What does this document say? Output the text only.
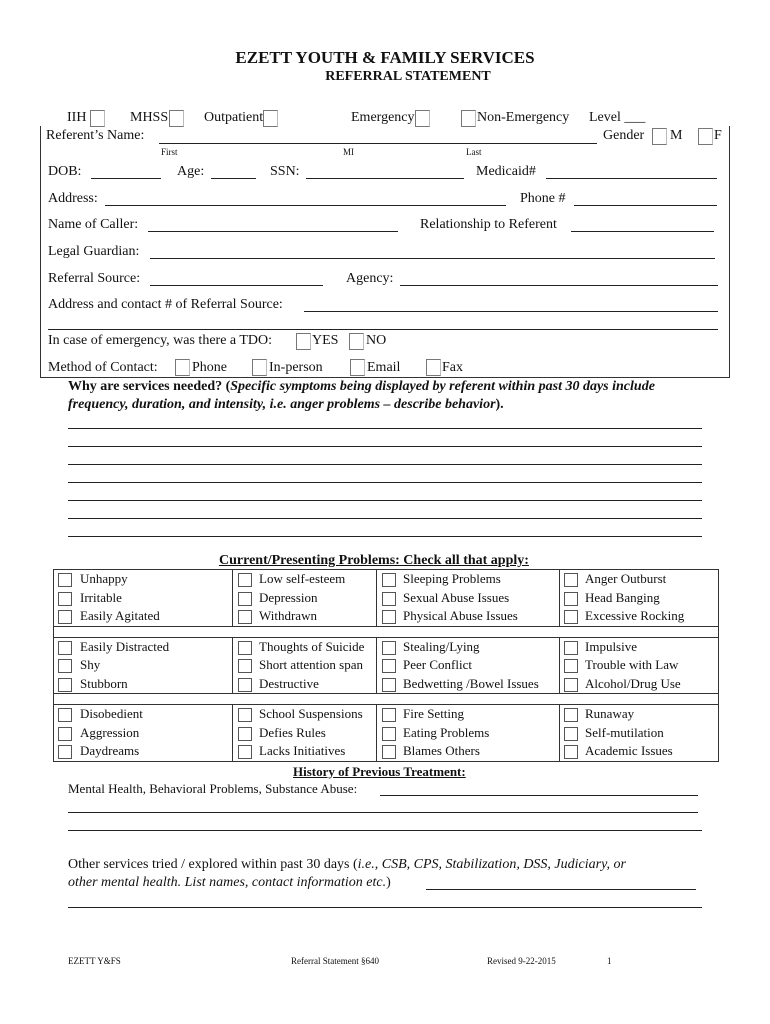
EZETT YOUTH & FAMILY SERVICES
REFERRAL STATEMENT
IIH	MHSS	Outpatient	Emergency	Non-Emergency Level ___
Referent’s Name:	Gender M F
First	MI	Last
DOB:	Age:	SSN:	Medicaid#
Address:	Phone #
Name of Caller:	Relationship to Referent
Legal Guardian:
Referral Source:	Agency:
Address and contact # of Referral Source:
In case of emergency, was there a TDO:	YES NO
Method of Contact: Phone	In-person	Email	Fax
Why are services needed? (Specific symptoms being displayed by referent within past 30 days include frequency, duration, and intensity, i.e. anger problems – describe behavior).
Current/Presenting Problems: Check all that apply:
Unhappy	Low self-esteem	Sleeping Problems	Anger Outburst
Irritable	Depression	Sexual Abuse Issues	Head Banging
Easily Agitated	Withdrawn	Physical Abuse Issues	Excessive Rocking
Easily Distracted	Thoughts of Suicide	Stealing/Lying	Impulsive
Shy	Short attention span	Peer Conflict	Trouble with Law
Stubborn	Destructive	Bedwetting /Bowel Issues	Alcohol/Drug Use
Disobedient	School Suspensions	Fire Setting	Runaway
Aggression	Defies Rules	Eating Problems	Self-mutilation
Daydreams	Lacks Initiatives	Blames Others	Academic Issues
History of Previous Treatment:
Mental Health, Behavioral Problems, Substance Abuse:
Other services tried / explored within past 30 days (i.e., CSB, CPS, Stabilization, DSS, Judiciary, or
other mental health. List names, contact information etc.)
EZETT Y&FS	Referral Statement §640	Revised 9-22-2015	1
